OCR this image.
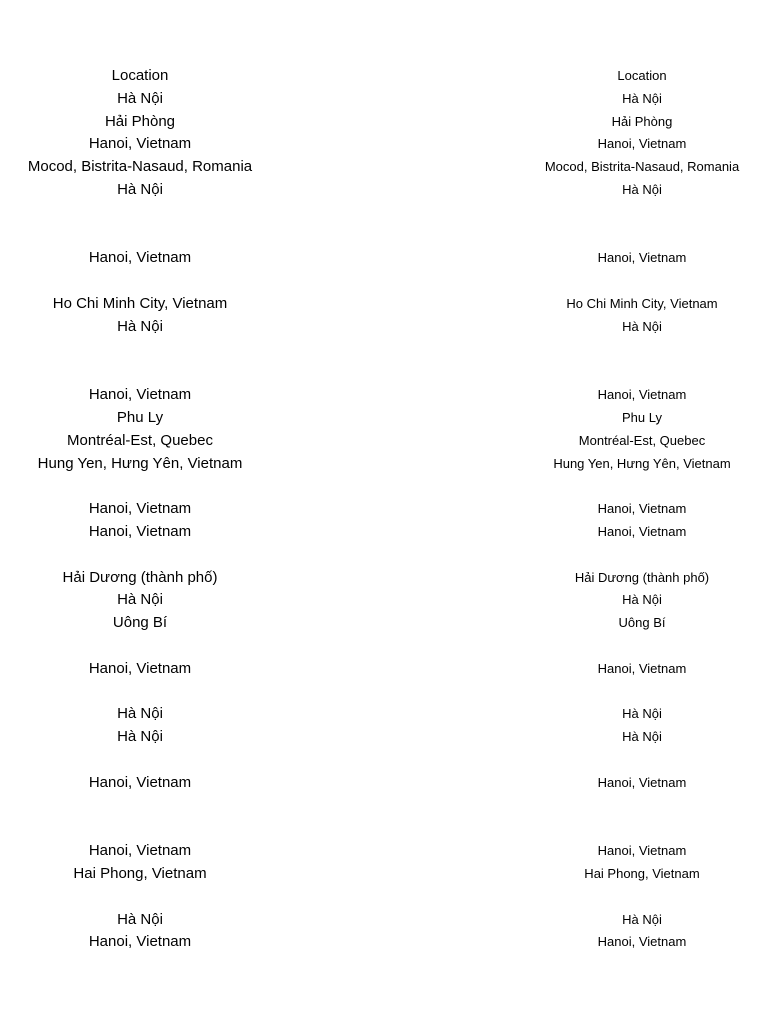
Location
Hà Nội
Hải Phòng
Hanoi, Vietnam
Mocod, Bistrita-Nasaud, Romania
Hà Nội
Hanoi, Vietnam
Ho Chi Minh City, Vietnam
Hà Nội
Hanoi, Vietnam
Phu Ly
Montréal-Est, Quebec
Hung Yen, Hưng Yên, Vietnam
Hanoi, Vietnam
Hanoi, Vietnam
Hải Dương (thành phố)
Hà Nội
Uông Bí
Hanoi, Vietnam
Hà Nội
Hà Nội
Hanoi, Vietnam
Hanoi, Vietnam
Hai Phong, Vietnam
Hà Nội
Hanoi, Vietnam
Location
Hà Nội
Hải Phòng
Hanoi, Vietnam
Mocod, Bistrita-Nasaud, Romania
Hà Nội
Hanoi, Vietnam
Ho Chi Minh City, Vietnam
Hà Nội
Hanoi, Vietnam
Phu Ly
Montréal-Est, Quebec
Hung Yen, Hưng Yên, Vietnam
Hanoi, Vietnam
Hanoi, Vietnam
Hải Dương (thành phố)
Hà Nội
Uông Bí
Hanoi, Vietnam
Hà Nội
Hà Nội
Hanoi, Vietnam
Hanoi, Vietnam
Hai Phong, Vietnam
Hà Nội
Hanoi, Vietnam
